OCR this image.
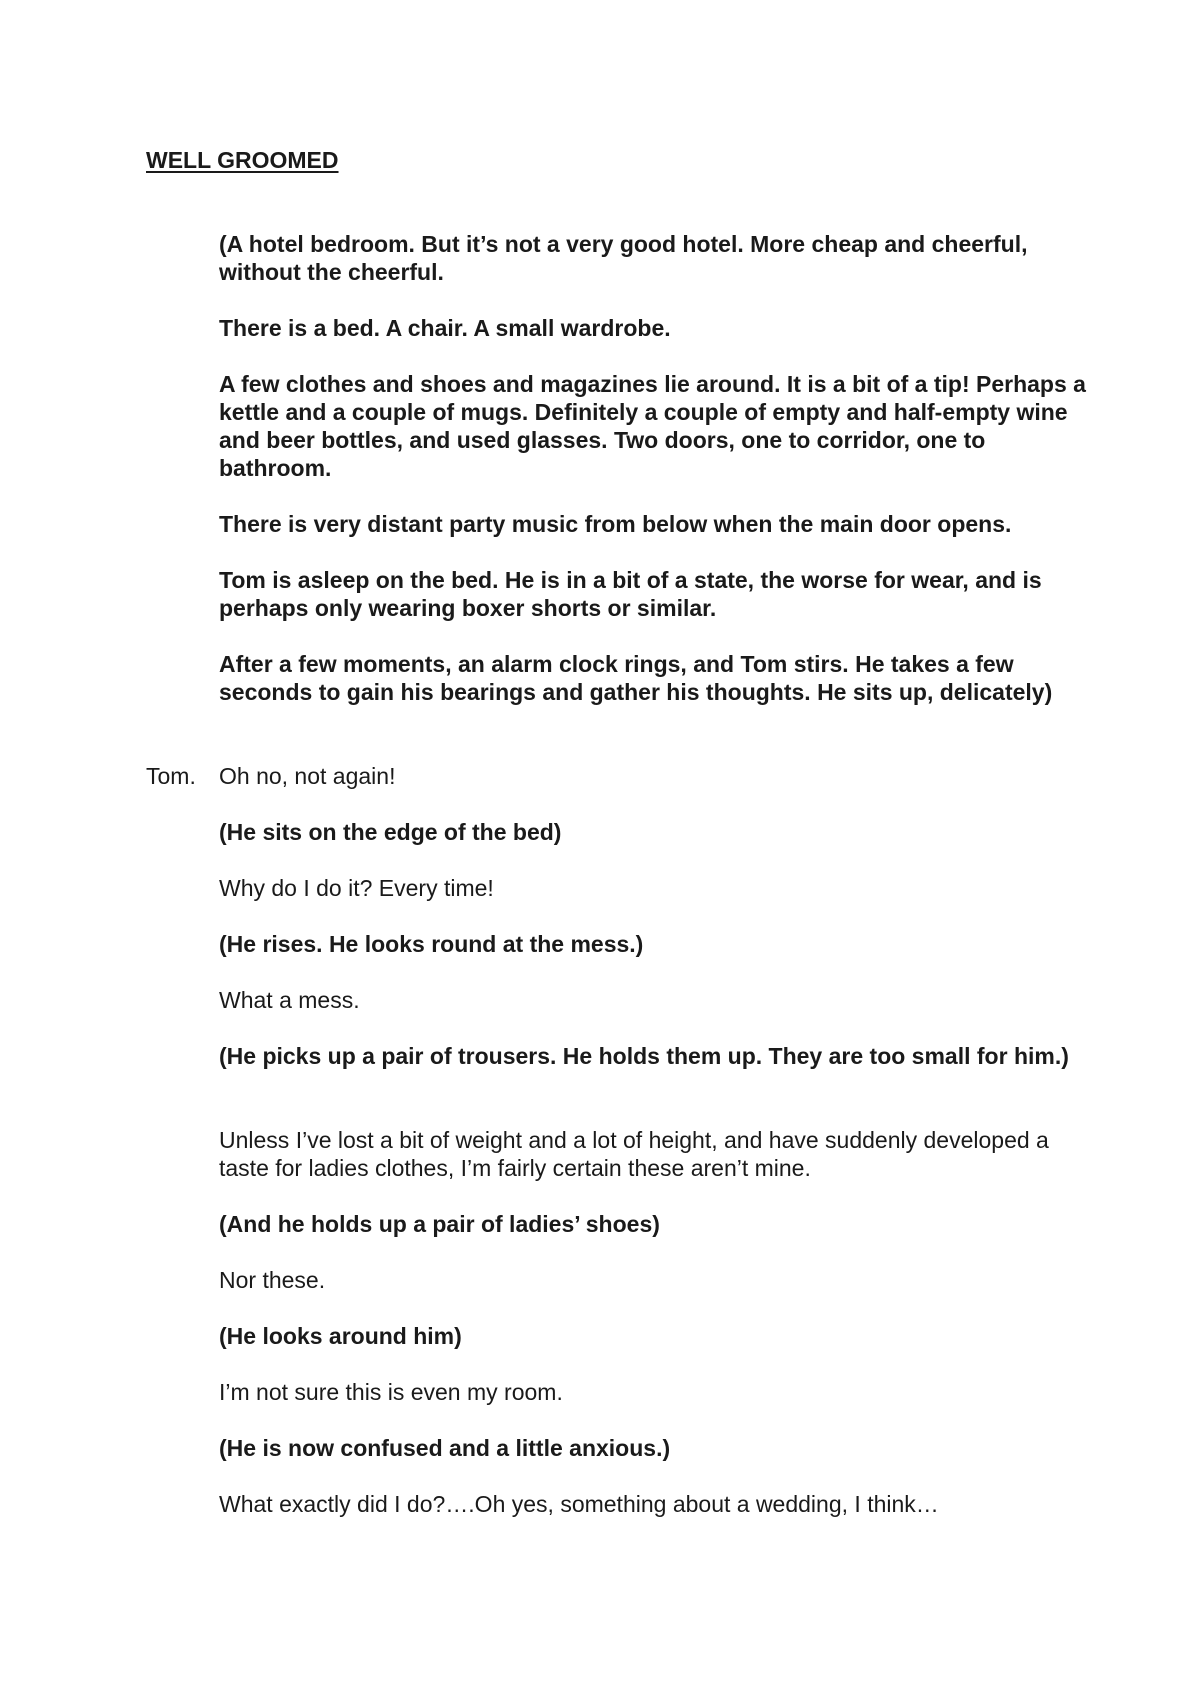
WELL GROOMED

(A hotel bedroom. But it’s not a very good hotel. More cheap and cheerful, without the cheerful.

There is a bed. A chair. A small wardrobe.

A few clothes and shoes and magazines lie around. It is a bit of a tip! Perhaps a kettle and a couple of mugs. Definitely a couple of empty and half-empty wine and beer bottles, and used glasses. Two doors, one to corridor, one to bathroom.

There is very distant party music from below when the main door opens.

Tom is asleep on the bed. He is in a bit of a state, the worse for wear, and is perhaps only wearing boxer shorts or similar.

After a few moments, an alarm clock rings, and Tom stirs. He takes a few seconds to gain his bearings and gather his thoughts. He sits up, delicately)

Tom. Oh no, not again!

(He sits on the edge of the bed)

Why do I do it? Every time!

(He rises. He looks round at the mess.)

What a mess.

(He picks up a pair of trousers. He holds them up. They are too small for him.)

Unless I’ve lost a bit of weight and a lot of height, and have suddenly developed a taste for ladies clothes, I’m fairly certain these aren’t mine.

(And he holds up a pair of ladies’ shoes)

Nor these.

(He looks around him)

I’m not sure this is even my room.

(He is now confused and a little anxious.)

What exactly did I do?….Oh yes, something about a wedding, I think…
